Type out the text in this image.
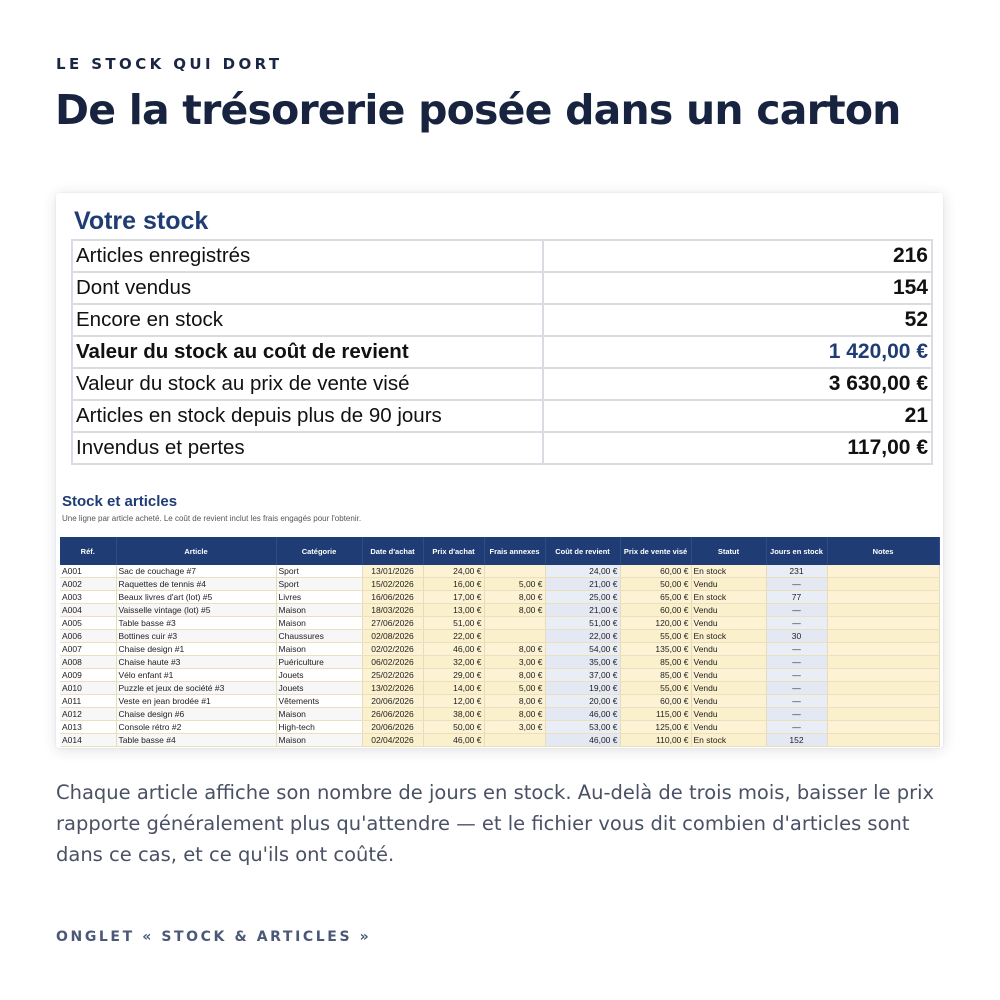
LE STOCK QUI DORT
De la trésorerie posée dans un carton
Votre stock
Articles enregistrés	216
Dont vendus	154
Encore en stock	52
Valeur du stock au coût de revient	1 420,00 €
Valeur du stock au prix de vente visé	3 630,00 €
Articles en stock depuis plus de 90 jours	21
Invendus et pertes	117,00 €
Stock et articles
Une ligne par article acheté. Le coût de revient inclut les frais engagés pour l'obtenir.
Réf.	Article	Catégorie	Date d'achat	Prix d'achat	Frais annexes	Coût de revient	Prix de vente visé	Statut	Jours en stock	Notes
A001	Sac de couchage #7	Sport	13/01/2026	24,00 €		24,00 €	60,00 €	En stock	231	
A002	Raquettes de tennis #4	Sport	15/02/2026	16,00 €	5,00 €	21,00 €	50,00 €	Vendu	—	
A003	Beaux livres d'art (lot) #5	Livres	16/06/2026	17,00 €	8,00 €	25,00 €	65,00 €	En stock	77	
A004	Vaisselle vintage (lot) #5	Maison	18/03/2026	13,00 €	8,00 €	21,00 €	60,00 €	Vendu	—	
A005	Table basse #3	Maison	27/06/2026	51,00 €		51,00 €	120,00 €	Vendu	—	
A006	Bottines cuir #3	Chaussures	02/08/2026	22,00 €		22,00 €	55,00 €	En stock	30	
A007	Chaise design #1	Maison	02/02/2026	46,00 €	8,00 €	54,00 €	135,00 €	Vendu	—	
A008	Chaise haute #3	Puériculture	06/02/2026	32,00 €	3,00 €	35,00 €	85,00 €	Vendu	—	
A009	Vélo enfant #1	Jouets	25/02/2026	29,00 €	8,00 €	37,00 €	85,00 €	Vendu	—	
A010	Puzzle et jeux de société #3	Jouets	13/02/2026	14,00 €	5,00 €	19,00 €	55,00 €	Vendu	—	
A011	Veste en jean brodée #1	Vêtements	20/06/2026	12,00 €	8,00 €	20,00 €	60,00 €	Vendu	—	
A012	Chaise design #6	Maison	26/06/2026	38,00 €	8,00 €	46,00 €	115,00 €	Vendu	—	
A013	Console rétro #2	High-tech	20/06/2026	50,00 €	3,00 €	53,00 €	125,00 €	Vendu	—	
A014	Table basse #4	Maison	02/04/2026	46,00 €		46,00 €	110,00 €	En stock	152	

Chaque article affiche son nombre de jours en stock. Au-delà de trois mois, baisser le prix rapporte généralement plus qu'attendre — et le fichier vous dit combien d'articles sont dans ce cas, et ce qu'ils ont coûté.

ONGLET « STOCK & ARTICLES »
